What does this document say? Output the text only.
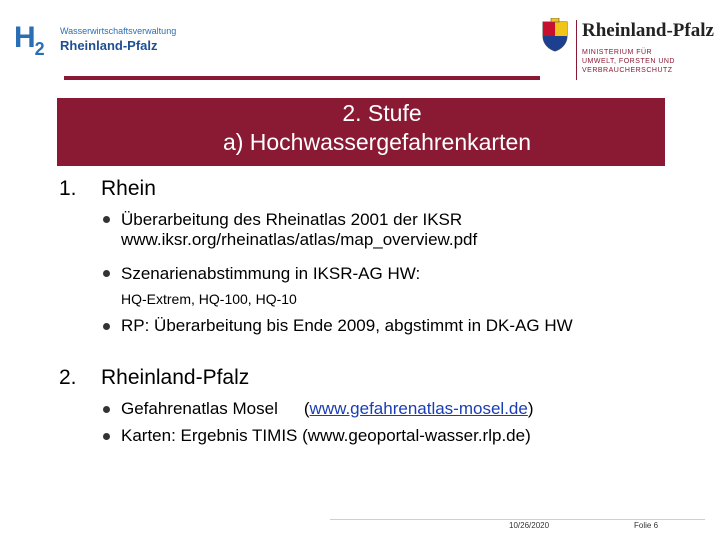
$H_2$
Wasserwirtschaftsverwaltung
Rheinland-Pfalz
Rheinland-Pfalz
MINISTERIUM FÜR
UMWELT, FORSTEN UND
VERBRAUCHERSCHUTZ
2. Stufe
a) Hochwassergefahrenkarten
1. Rhein
Überarbeitung des Rheinatlas 2001 der IKSR
www.iksr.org/rheinatlas/atlas/map_overview.pdf
Szenarienabstimmung in IKSR-AG HW:
HQ-Extrem, HQ-100, HQ-10
RP: Überarbeitung bis Ende 2009, abgstimmt in DK-AG HW
2. Rheinland-Pfalz
Gefahrenatlas Mosel (www.gefahrenatlas-mosel.de)
Karten: Ergebnis TIMIS (www.geoportal-wasser.rlp.de)
10/26/2020	Folie 6
